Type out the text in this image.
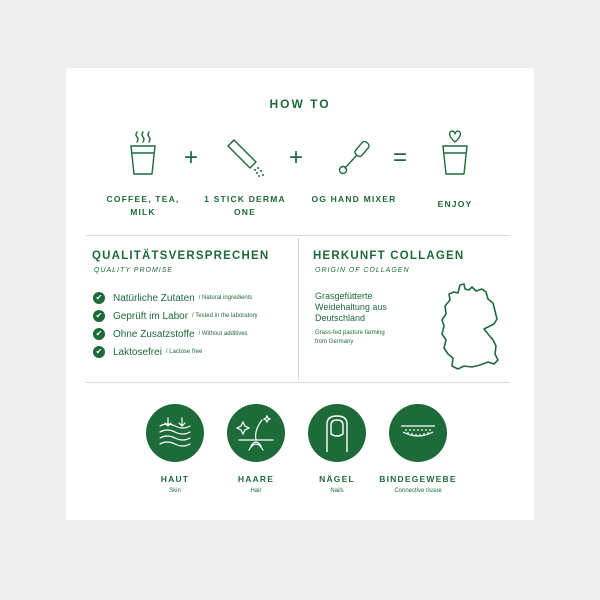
HOW TO
COFFEE, TEA, MILK
+
1 STICK DERMA ONE
+
OG HAND MIXER
=
ENJOY
QUALITÄTSVERSPRECHEN
QUALITY PROMISE
✔ Natürliche Zutaten / Natural ingredients
✔ Geprüft im Labor / Tested in the laboratory
✔ Ohne Zusatzstoffe / Without additives
✔ Laktosefrei / Lactose free
HERKUNFT COLLAGEN
ORIGIN OF COLLAGEN
Grasgefütterte
Weidehaltung aus
Deutschland
Grass-fed pasture farming
from Germany
HAUT
Skin
HAARE
Hair
NÄGEL
Nails
BINDEGEWEBE
Connective tissue
